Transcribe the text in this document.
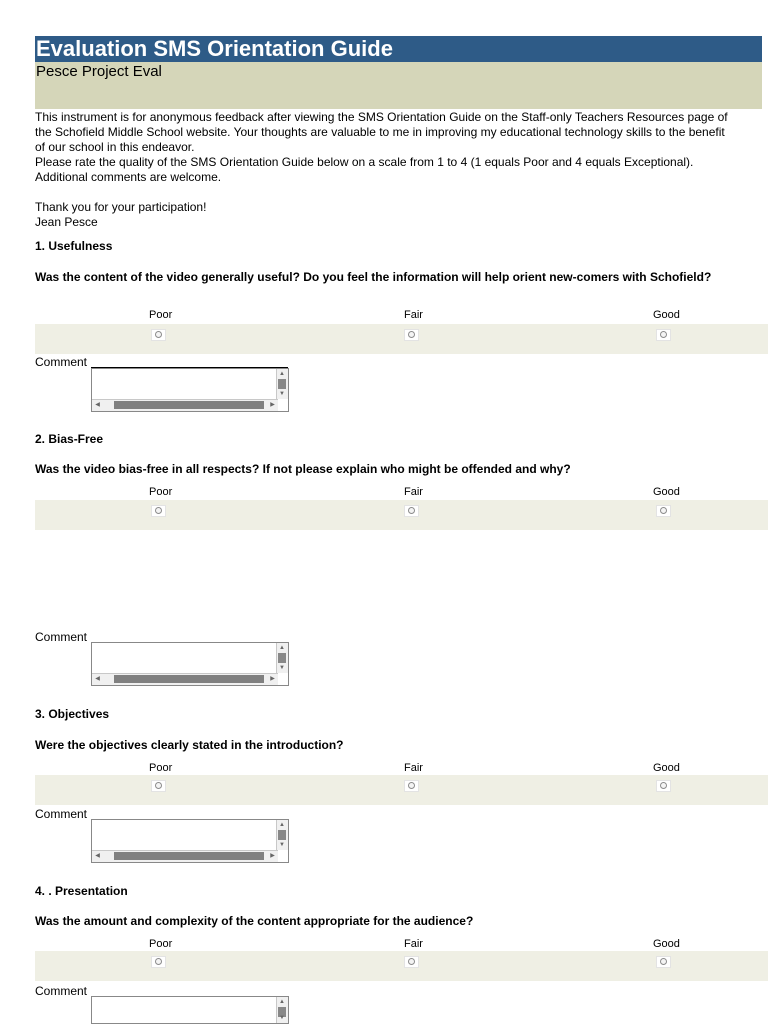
Evaluation SMS Orientation Guide
Pesce Project Eval

This instrument is for anonymous feedback after viewing the SMS Orientation Guide on the Staff-only Teachers Resources page of the Schofield Middle School website. Your thoughts are valuable to me in improving my educational technology skills to the benefit of our school in this endeavor.

Please rate the quality of the SMS Orientation Guide below on a scale from 1 to 4 (1 equals Poor and 4 equals Exceptional). Additional comments are welcome.

Thank you for your participation!

Jean Pesce

1. Usefulness
Was the content of the video generally useful? Do you feel the information will help orient new-comers with Schofield?
Poor	Fair	Good
Comment
▲
▼
◀	▶
2. Bias-Free
Was the video bias-free in all respects? If not please explain who might be offended and why?
Poor	Fair	Good
Comment
▲
▼
◀	▶
3. Objectives
Were the objectives clearly stated in the introduction?
Poor	Fair	Good
Comment
▲
▼
◀	▶
4. . Presentation
Was the amount and complexity of the content appropriate for the audience?
Poor	Fair	Good
Comment
▲
▼
